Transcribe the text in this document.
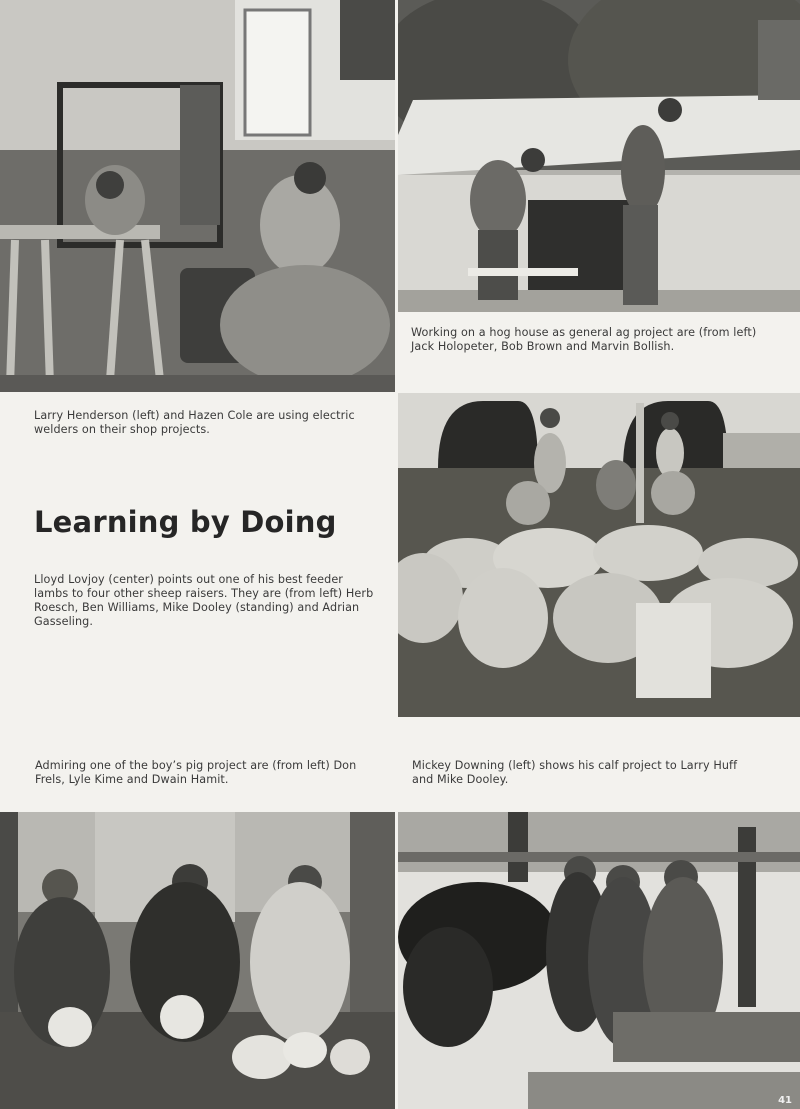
Working on a hog house as general ag project are (from left) Jack Holopeter, Bob Brown and Marvin Bollish.
Larry Henderson (left) and Hazen Cole are using electric welders on their shop projects.
Learning by Doing
Lloyd Lovjoy (center) points out one of his best feeder lambs to four other sheep raisers. They are (from left) Herb Roesch, Ben Williams, Mike Dooley (standing) and Adrian Gasseling.
Admiring one of the boy’s pig project are (from left) Don Frels, Lyle Kime and Dwain Hamit.
Mickey Downing (left) shows his calf project to Larry Huff and Mike Dooley.
41
